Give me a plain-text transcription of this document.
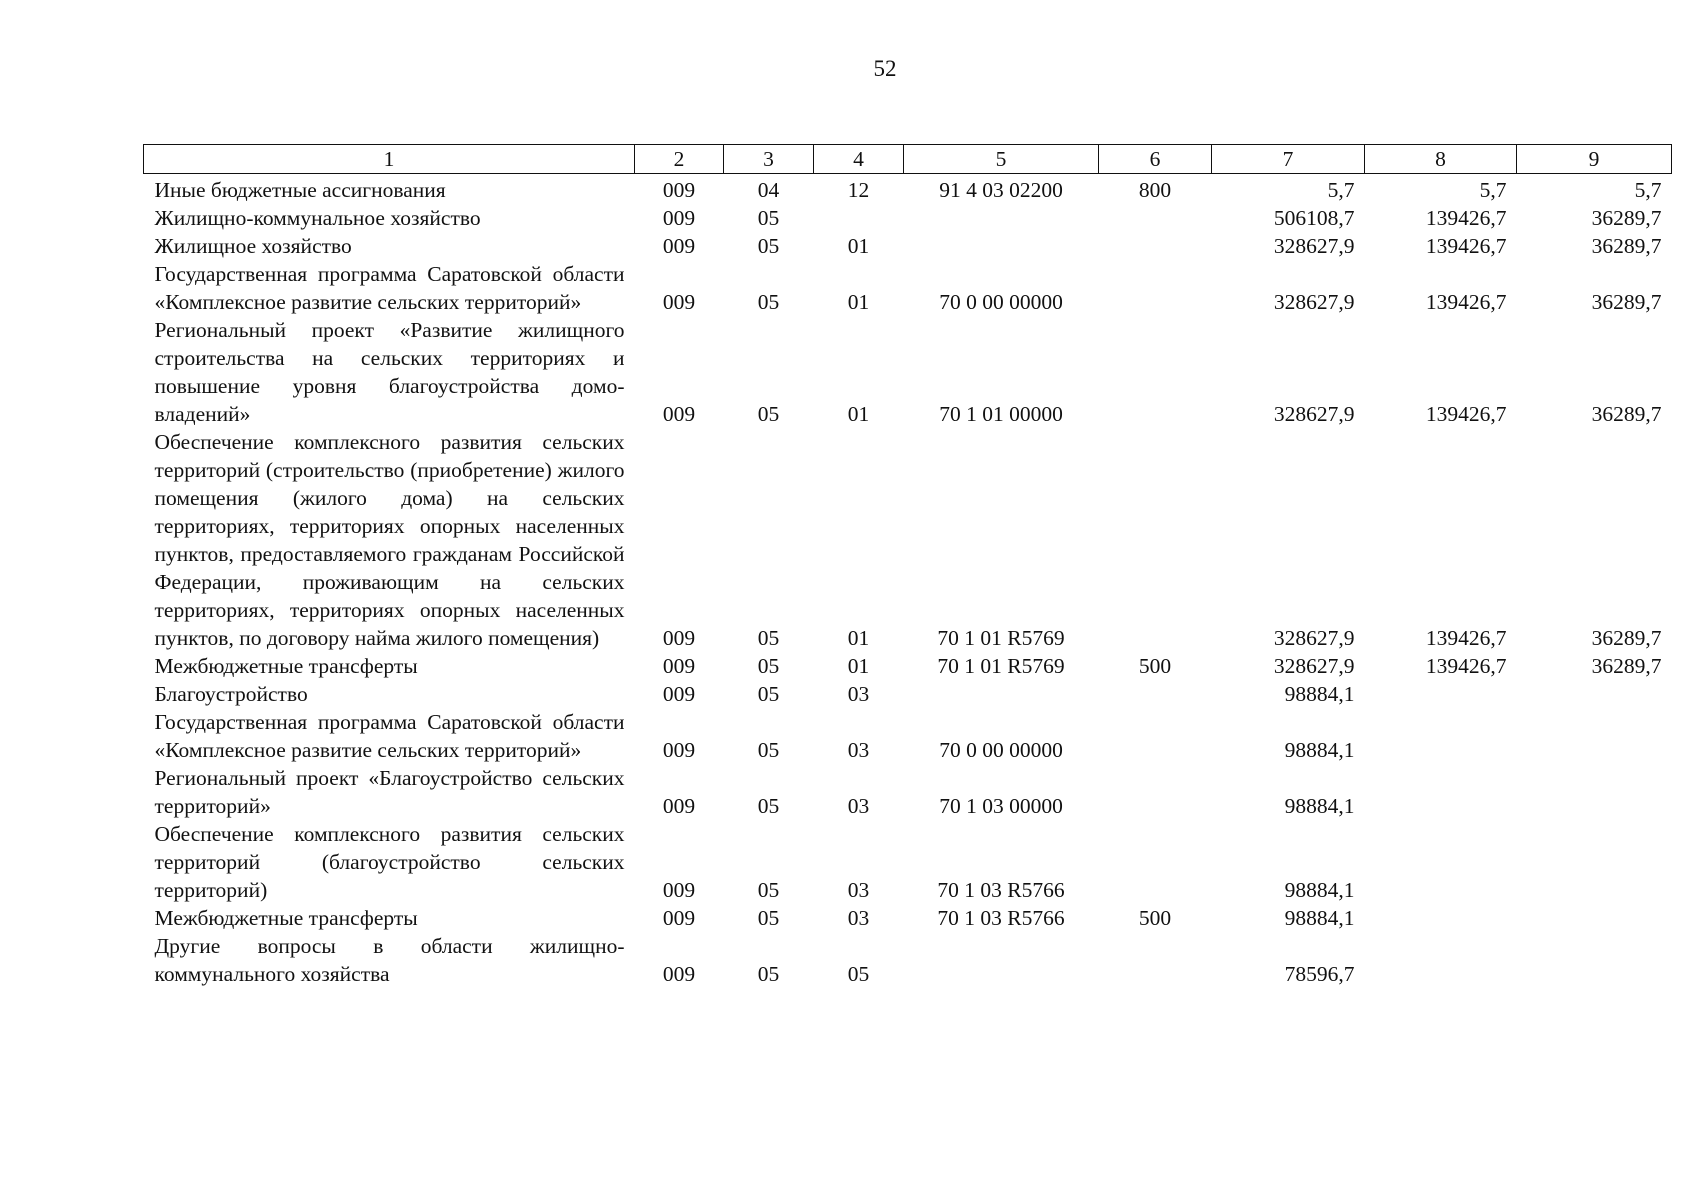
52
1	2	3	4	5	6	7	8	9
Иные бюджетные ассигнования	009	04	12	91 4 03 02200	800	5,7	5,7	5,7
Жилищно-коммунальное хозяйство	009	05				506108,7	139426,7	36289,7
Жилищное хозяйство	009	05	01			328627,9	139426,7	36289,7
Государственная программа Саратовской области «Комплексное развитие сельских территорий»	009	05	01	70 0 00 00000		328627,9	139426,7	36289,7
Региональный проект «Развитие жилищного строительства на сельских территориях и повышение уровня благоустройства домовладений»	009	05	01	70 1 01 00000		328627,9	139426,7	36289,7
Обеспечение комплексного развития сельских территорий (строительство (приобретение) жилого помещения (жилого дома) на сельских территориях, территориях опорных населенных пунктов, предоставляемого гражданам Российской Федерации, проживающим на сельских территориях, территориях опорных населенных пунктов, по договору найма жилого помещения)	009	05	01	70 1 01 R5769		328627,9	139426,7	36289,7
Межбюджетные трансферты	009	05	01	70 1 01 R5769	500	328627,9	139426,7	36289,7
Благоустройство	009	05	03			98884,1		
Государственная программа Саратовской области «Комплексное развитие сельских территорий»	009	05	03	70 0 00 00000		98884,1		
Региональный проект «Благоустройство сельских территорий»	009	05	03	70 1 03 00000		98884,1		
Обеспечение комплексного развития сельских территорий (благоустройство сельских территорий)	009	05	03	70 1 03 R5766		98884,1		
Межбюджетные трансферты	009	05	03	70 1 03 R5766	500	98884,1		
Другие вопросы в области жилищно-коммунального хозяйства	009	05	05			78596,7		
